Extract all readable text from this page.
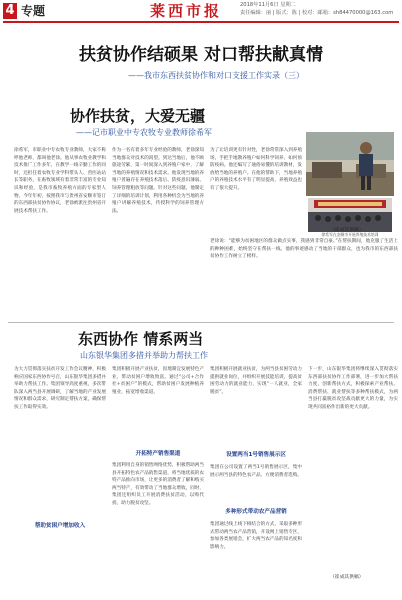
4 专题	莱西市报	2018年11月6日 星期二
责任编辑：丽 | 版式：陈 | 校对：邮箱：sh84470000@163.com
扶贫协作结硕果 对口帮扶献真情
——我市东西扶贫协作和对口支援工作实录（三）
协作扶贫，大爱无疆
——记市职业中专农牧专业教师徐希军

徐希军，市职业中专农牧专业教师，大家不称呼他老师，都叫他老徐。他从事农牧业教学和技术推广工作多年，在教学一线辛勤工作的同时，还担任着农牧专业学科带头人、兽医站站长等职务，在畜牧领域有着非常丰富的专业知识和经验，是我市畜牧养殖方面的专家型人物。今年年初，按照我市与贵州省安顺市签订的东西部扶贫协作协议，老徐被派往贵州省开展技术帮扶工作。

作为一名有着多年专业经验的教师，老徐深知当地群众对技术的渴望。到达当地后，他不顾旅途劳累，第一时间深入到养殖户家中，了解当地的养殖情况和技术需求。他发现当地的养殖户普遍存在养殖技术落后、防疫意识薄弱、饲养管理粗放等问题。针对这些问题，他制定了详细的培训计划，利用各种机会为当地的养殖户讲解养殖技术，传授科学的饲养管理方法。

为了让培训更有针对性，老徐常常深入到养殖场，手把手地教养殖户如何科学饲养、如何预防疫病。他还编写了通俗易懂的培训教材，发放给当地的养殖户。在他的帮助下，当地养殖户的养殖技术水平有了明显提高，养殖效益也有了很大提升。

徐希军在安顺市开展养殖技术培训

老徐说：“能够为贫困地区的群众做点实事，我感到非常自豪。”在帮扶期间，他克服了生活上的种种困难，始终坚守在帮扶一线。他的事迹感动了当地的干部群众，也为我市的东西部扶贫协作工作树立了榜样。

（崔成其供稿）
东西协作 情系两当
山东银华集团多措并举助力帮扶工作

为大力贯彻落实扶贫开发工作会议精神，积极响应国家东西协作号召，山东银华集团多措并举助力帮扶工作。集团领导高度重视，多次带队深入两当县开展调研，了解当地的产业发展情况和群众需求，研究制定帮扶方案，确保帮扶工作取得实效。

帮助贫困户增加收入

集团积极开展产业扶贫，因地制宜发展特色产业，带动贫困户增收致富。通过“公司+合作社+贫困户”的模式，帮助贫困户发展种植养殖业，拓宽增收渠道。

开拓特产销售渠道

集团利用自身的销售网络优势，积极帮助两当县开拓特色农产品销售渠道，将当地优质的农特产品推向市场，让更多的消费者了解和购买两当特产，有效带动了当地群众增收。同时，集团还组织员工开展消费扶贫活动，以购代捐，助力脱贫攻坚。

集团积极开展就业扶贫，为两当县贫困劳动力提供就业岗位，并组织开展技能培训，提高贫困劳动力的就业能力，实现“一人就业，全家脱贫”。

设置两当1号销售展示区

集团在公司设置了两当1号销售展示区，集中展示两当县的特色农产品，方便消费者选购。

多种形式带动农产品营销

集团通过线上线下相结合的方式，采取多种形式带动两当农产品营销，开设网上销售专区，参加各类展销会，扩大两当农产品的知名度和影响力。

下一步，山东银华集团将继续深入贯彻落实东西部扶贫协作工作部署，进一步加大帮扶力度，创新帮扶方式，积极探索产业帮扶、消费帮扶、就业帮扶等多种帮扶模式，为两当县打赢脱贫攻坚战贡献更大的力量，为实现共同富裕作出新的更大贡献。

（崔成其供稿）
